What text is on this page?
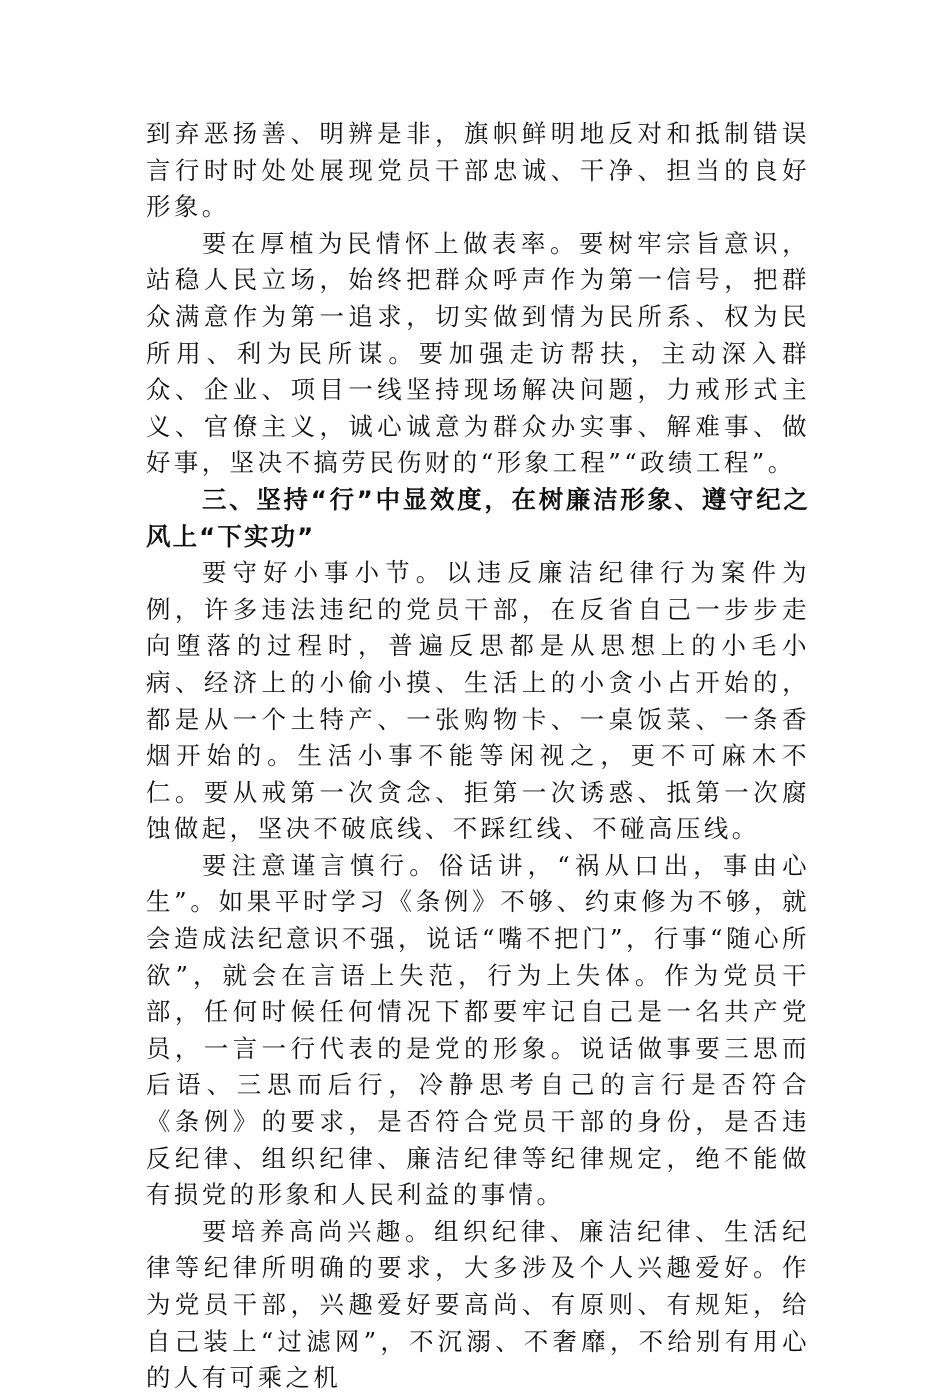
到弃恶扬善、明辨是非，旗帜鲜明地反对和抵制错误言行时时处处展现党员干部忠诚、干净、担当的良好形象。

要在厚植为民情怀上做表率。要树牢宗旨意识，站稳人民立场，始终把群众呼声作为第一信号，把群众满意作为第一追求，切实做到情为民所系、权为民所用、利为民所谋。要加强走访帮扶，主动深入群众、企业、项目一线坚持现场解决问题，力戒形式主义、官僚主义，诚心诚意为群众办实事、解难事、做好事，坚决不搞劳民伤财的“形象工程”“政绩工程”。

三、坚持“行”中显效度，在树廉洁形象、遵守纪之风上“下实功”

要守好小事小节。以违反廉洁纪律行为案件为例，许多违法违纪的党员干部，在反省自己一步步走向堕落的过程时，普遍反思都是从思想上的小毛小病、经济上的小偷小摸、生活上的小贪小占开始的，都是从一个土特产、一张购物卡、一桌饭菜、一条香烟开始的。生活小事不能等闲视之，更不可麻木不仁。要从戒第一次贪念、拒第一次诱惑、抵第一次腐蚀做起，坚决不破底线、不踩红线、不碰高压线。

要注意谨言慎行。俗话讲，“祸从口出，事由心生”。如果平时学习《条例》不够、约束修为不够，就会造成法纪意识不强，说话“嘴不把门”，行事“随心所欲”，就会在言语上失范，行为上失体。作为党员干部，任何时候任何情况下都要牢记自己是一名共产党员，一言一行代表的是党的形象。说话做事要三思而后语、三思而后行，冷静思考自己的言行是否符合《条例》的要求，是否符合党员干部的身份，是否违反纪律、组织纪律、廉洁纪律等纪律规定，绝不能做有损党的形象和人民利益的事情。

要培养高尚兴趣。组织纪律、廉洁纪律、生活纪律等纪律所明确的要求，大多涉及个人兴趣爱好。作为党员干部，兴趣爱好要高尚、有原则、有规矩，给自己装上“过滤网”，不沉溺、不奢靡，不给别有用心的人有可乘之机
